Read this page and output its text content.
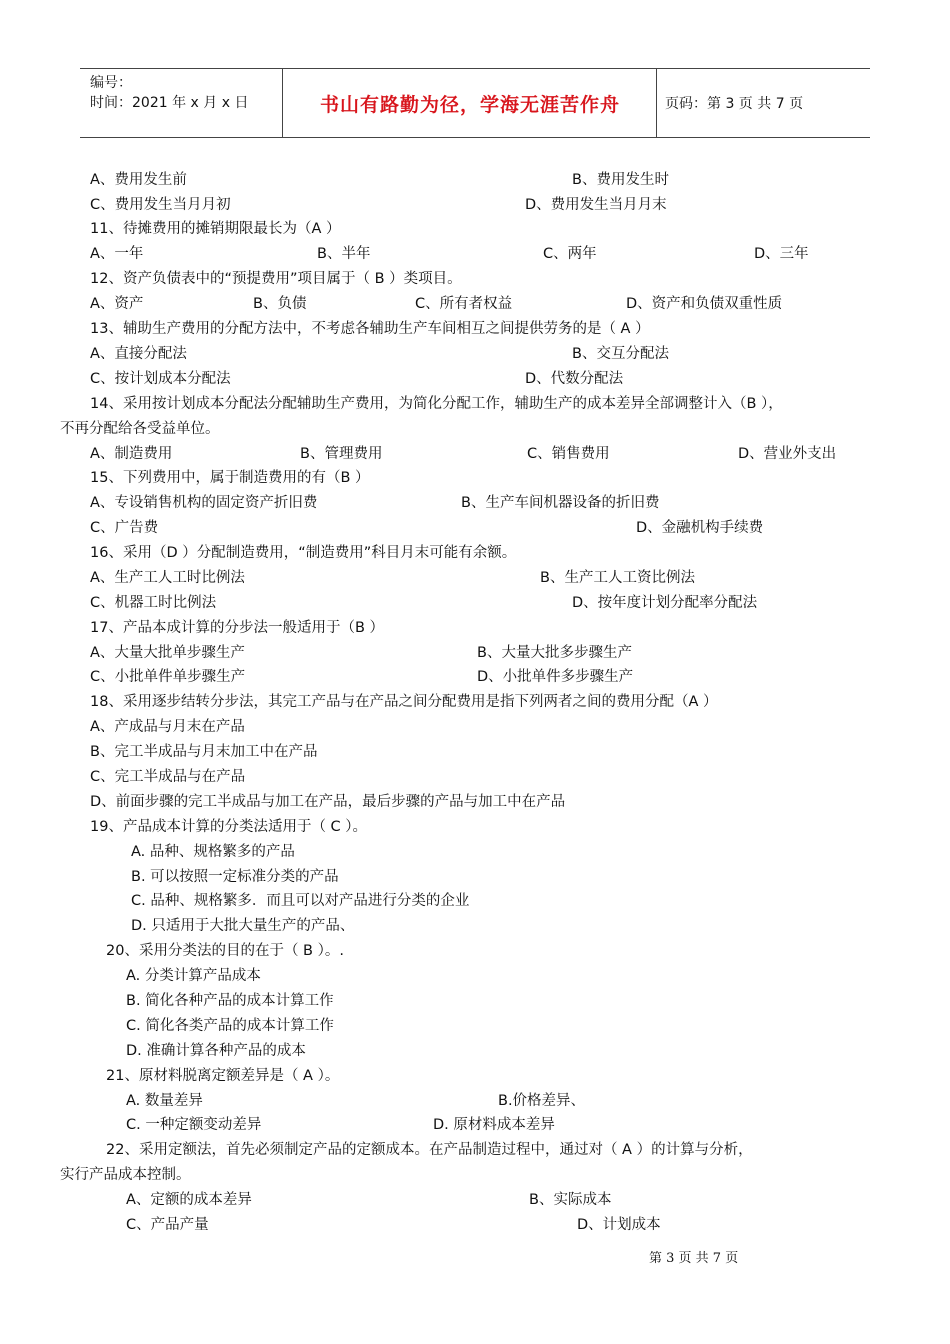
编号：
时间：2021 年 x 月 x 日	书山有路勤为径，学海无涯苦作舟	页码：第 3 页 共 7 页
A、费用发生前	B、费用发生时
C、费用发生当月月初	D、费用发生当月月末
11、待摊费用的摊销期限最长为（A ）
A、一年	B、半年	C、两年	D、三年
12、资产负债表中的“预提费用”项目属于（ B ）类项目。
A、资产	B、负债	C、所有者权益	D、资产和负债双重性质
13、辅助生产费用的分配方法中，不考虑各辅助生产车间相互之间提供劳务的是（ A ）
A、直接分配法	B、交互分配法
C、按计划成本分配法	D、代数分配法
14、采用按计划成本分配法分配辅助生产费用，为简化分配工作，辅助生产的成本差异全部调整计入（B ），
不再分配给各受益单位。
A、制造费用	B、管理费用	C、销售费用	D、营业外支出
15、下列费用中，属于制造费用的有（B ）
A、专设销售机构的固定资产折旧费	B、生产车间机器设备的折旧费
C、广告费	D、金融机构手续费
16、采用（D ）分配制造费用，“制造费用”科目月末可能有余额。
A、生产工人工时比例法	B、生产工人工资比例法
C、机器工时比例法	D、按年度计划分配率分配法
17、产品本成计算的分步法一般适用于（B ）
A、大量大批单步骤生产	B、大量大批多步骤生产
C、小批单件单步骤生产	D、小批单件多步骤生产
18、采用逐步结转分步法，其完工产品与在产品之间分配费用是指下列两者之间的费用分配（A ）
A、产成品与月末在产品
B、完工半成品与月末加工中在产品
C、完工半成品与在产品
D、前面步骤的完工半成品与加工在产品，最后步骤的产品与加工中在产品
19、产品成本计算的分类法适用于（ C ）。
A. 品种、规格繁多的产品
B. 可以按照一定标准分类的产品
C. 品种、规格繁多．而且可以对产品进行分类的企业
D. 只适用于大批大量生产的产品、
20、采用分类法的目的在于（ B ）。.
A. 分类计算产品成本
B. 简化各种产品的成本计算工作
C. 简化各类产品的成本计算工作
D. 准确计算各种产品的成本
21、原材料脱离定额差异是（ A ）。
A. 数量差异	B.价格差异、
C. 一种定额变动差异	D. 原材料成本差异
22、采用定额法，首先必须制定产品的定额成本。在产品制造过程中，通过对（ A ）的计算与分析，
实行产品成本控制。
A、定额的成本差异	B、实际成本
C、产品产量	D、计划成本
第 3 页 共 7 页
